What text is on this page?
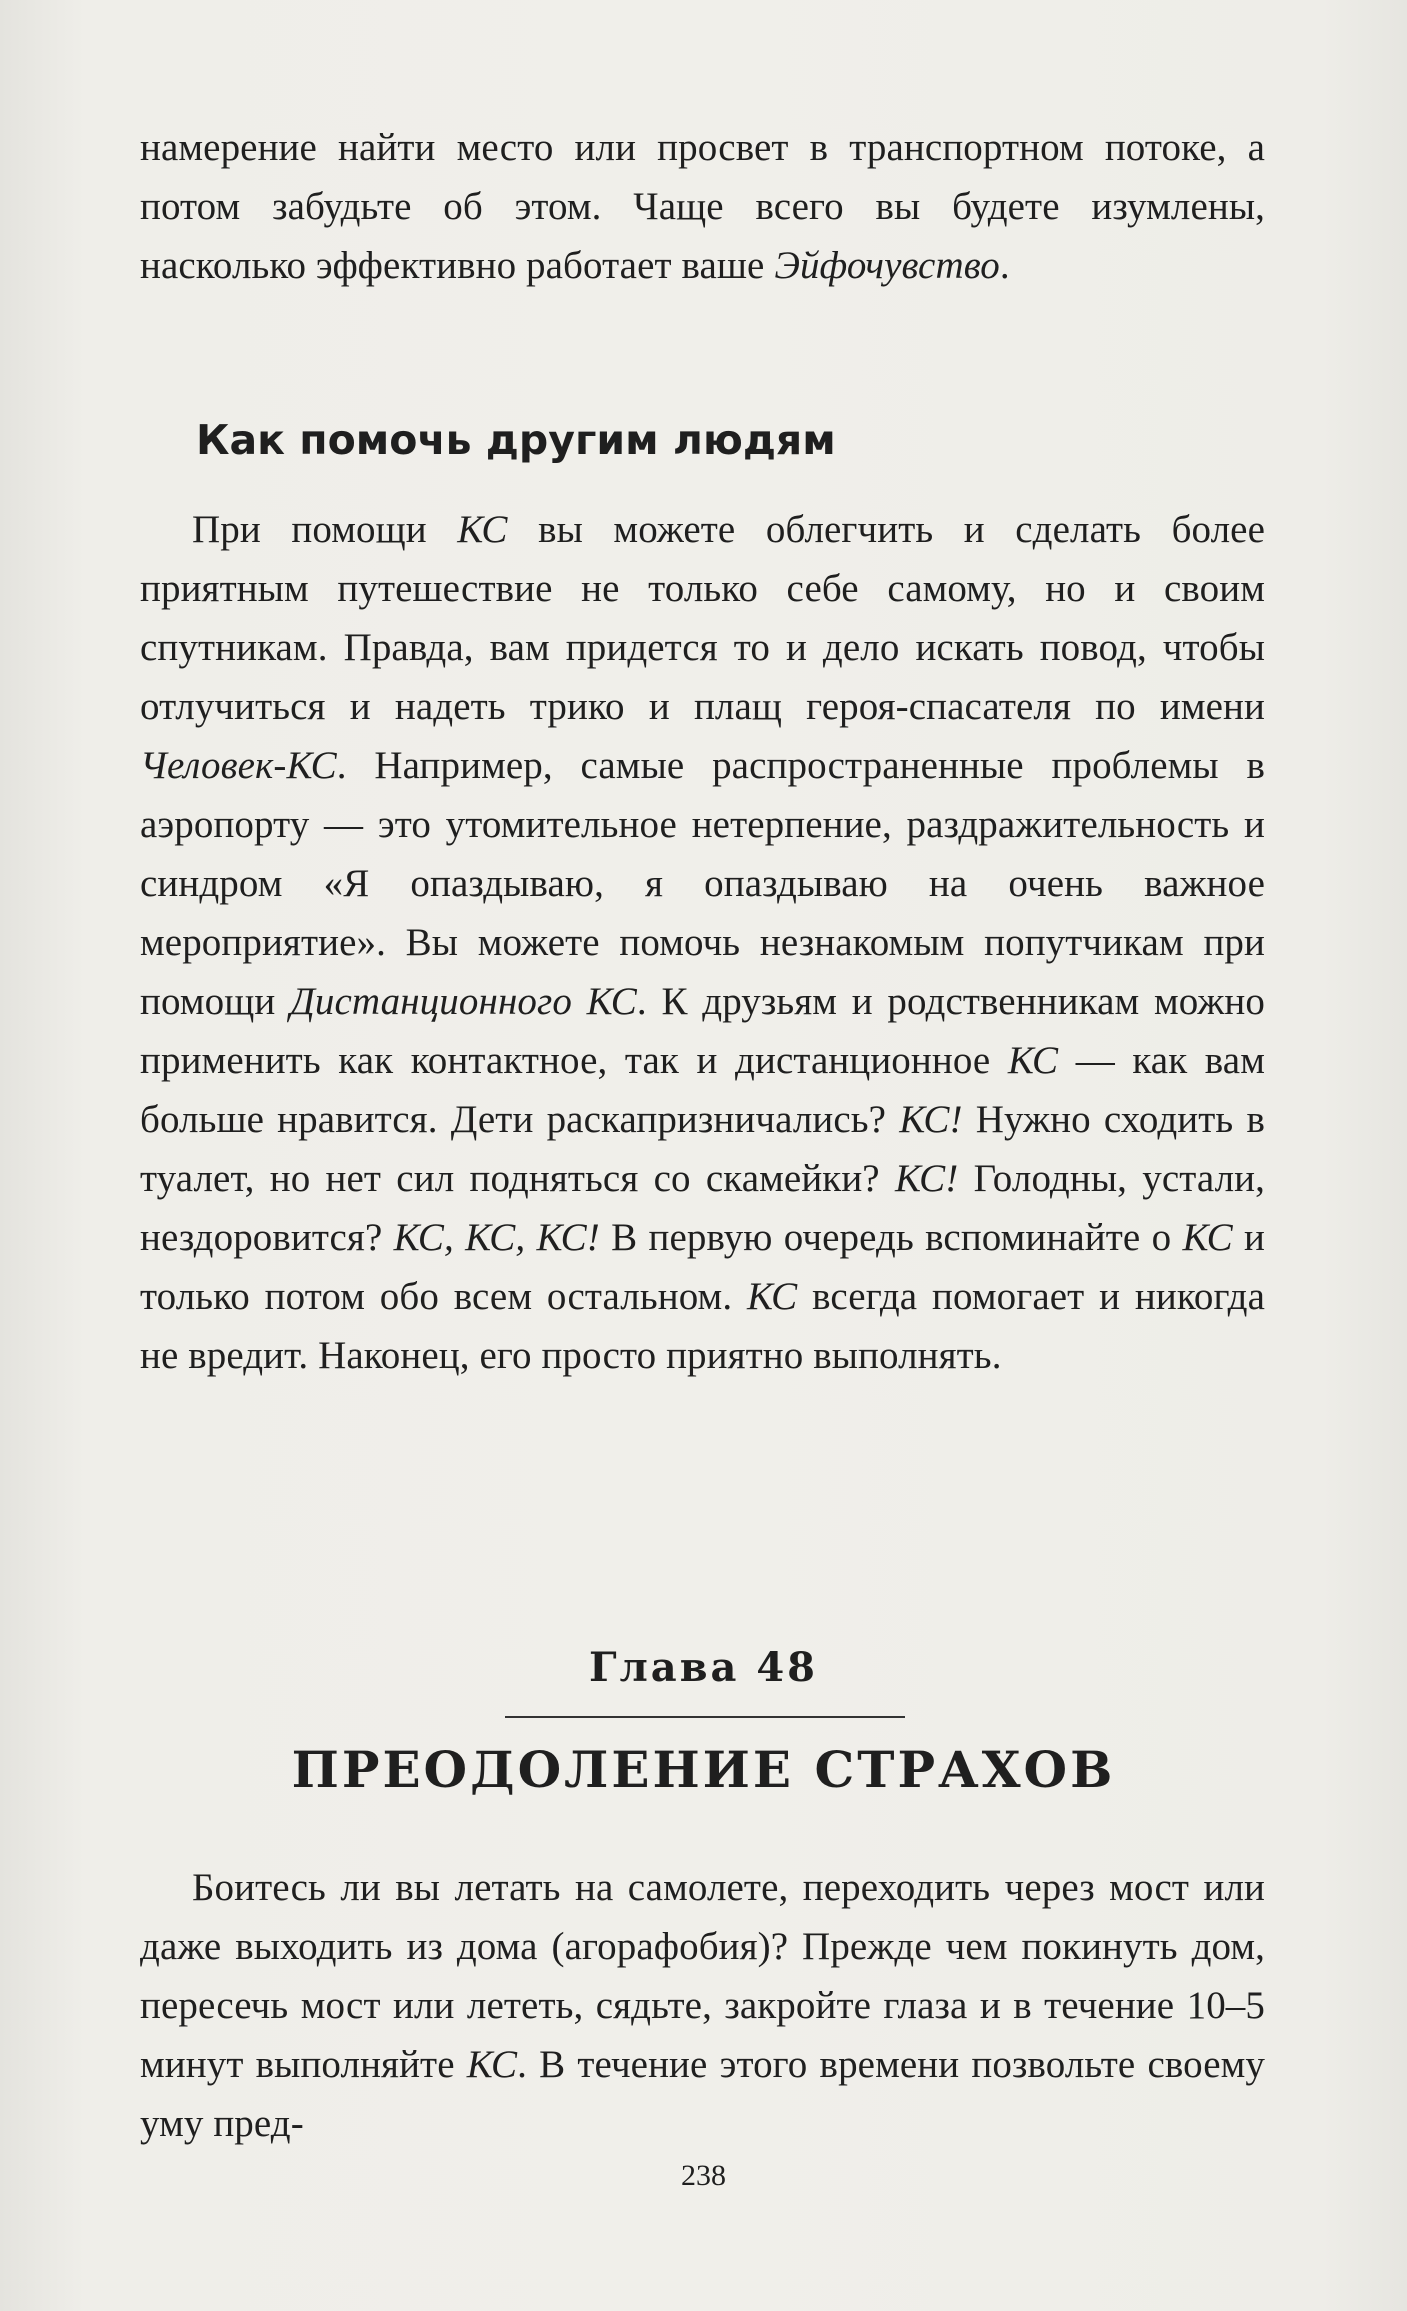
намерение найти место или просвет в транспортном потоке, а потом забудьте об этом. Чаще всего вы будете изумлены, насколько эффективно работает ваше Эйфочувство.

Как помочь другим людям

При помощи КС вы можете облегчить и сделать более приятным путешествие не только себе самому, но и своим спутникам. Правда, вам придется то и дело искать повод, чтобы отлучиться и надеть трико и плащ героя-спасателя по имени Человек-КС. Например, самые распространенные проблемы в аэропорту — это утомительное нетерпение, раздражительность и синдром «Я опаздываю, я опаздываю на очень важное мероприятие». Вы можете помочь незнакомым попутчикам при помощи Дистанционного КС. К друзьям и родственникам можно применить как контактное, так и дистанционное КС — как вам больше нравится. Дети раскапризничались? КС! Нужно сходить в туалет, но нет сил подняться со скамейки? КС! Голодны, устали, нездоровится? КС, КС, КС! В первую очередь вспоминайте о КС и только потом обо всем остальном. КС всегда помогает и никогда не вредит. Наконец, его просто приятно выполнять.

Глава 48
ПРЕОДОЛЕНИЕ СТРАХОВ

Боитесь ли вы летать на самолете, переходить через мост или даже выходить из дома (агорафобия)? Прежде чем покинуть дом, пересечь мост или лететь, сядьте, закройте глаза и в течение 10–5 минут выполняйте КС. В течение этого времени позвольте своему уму пред-

238
